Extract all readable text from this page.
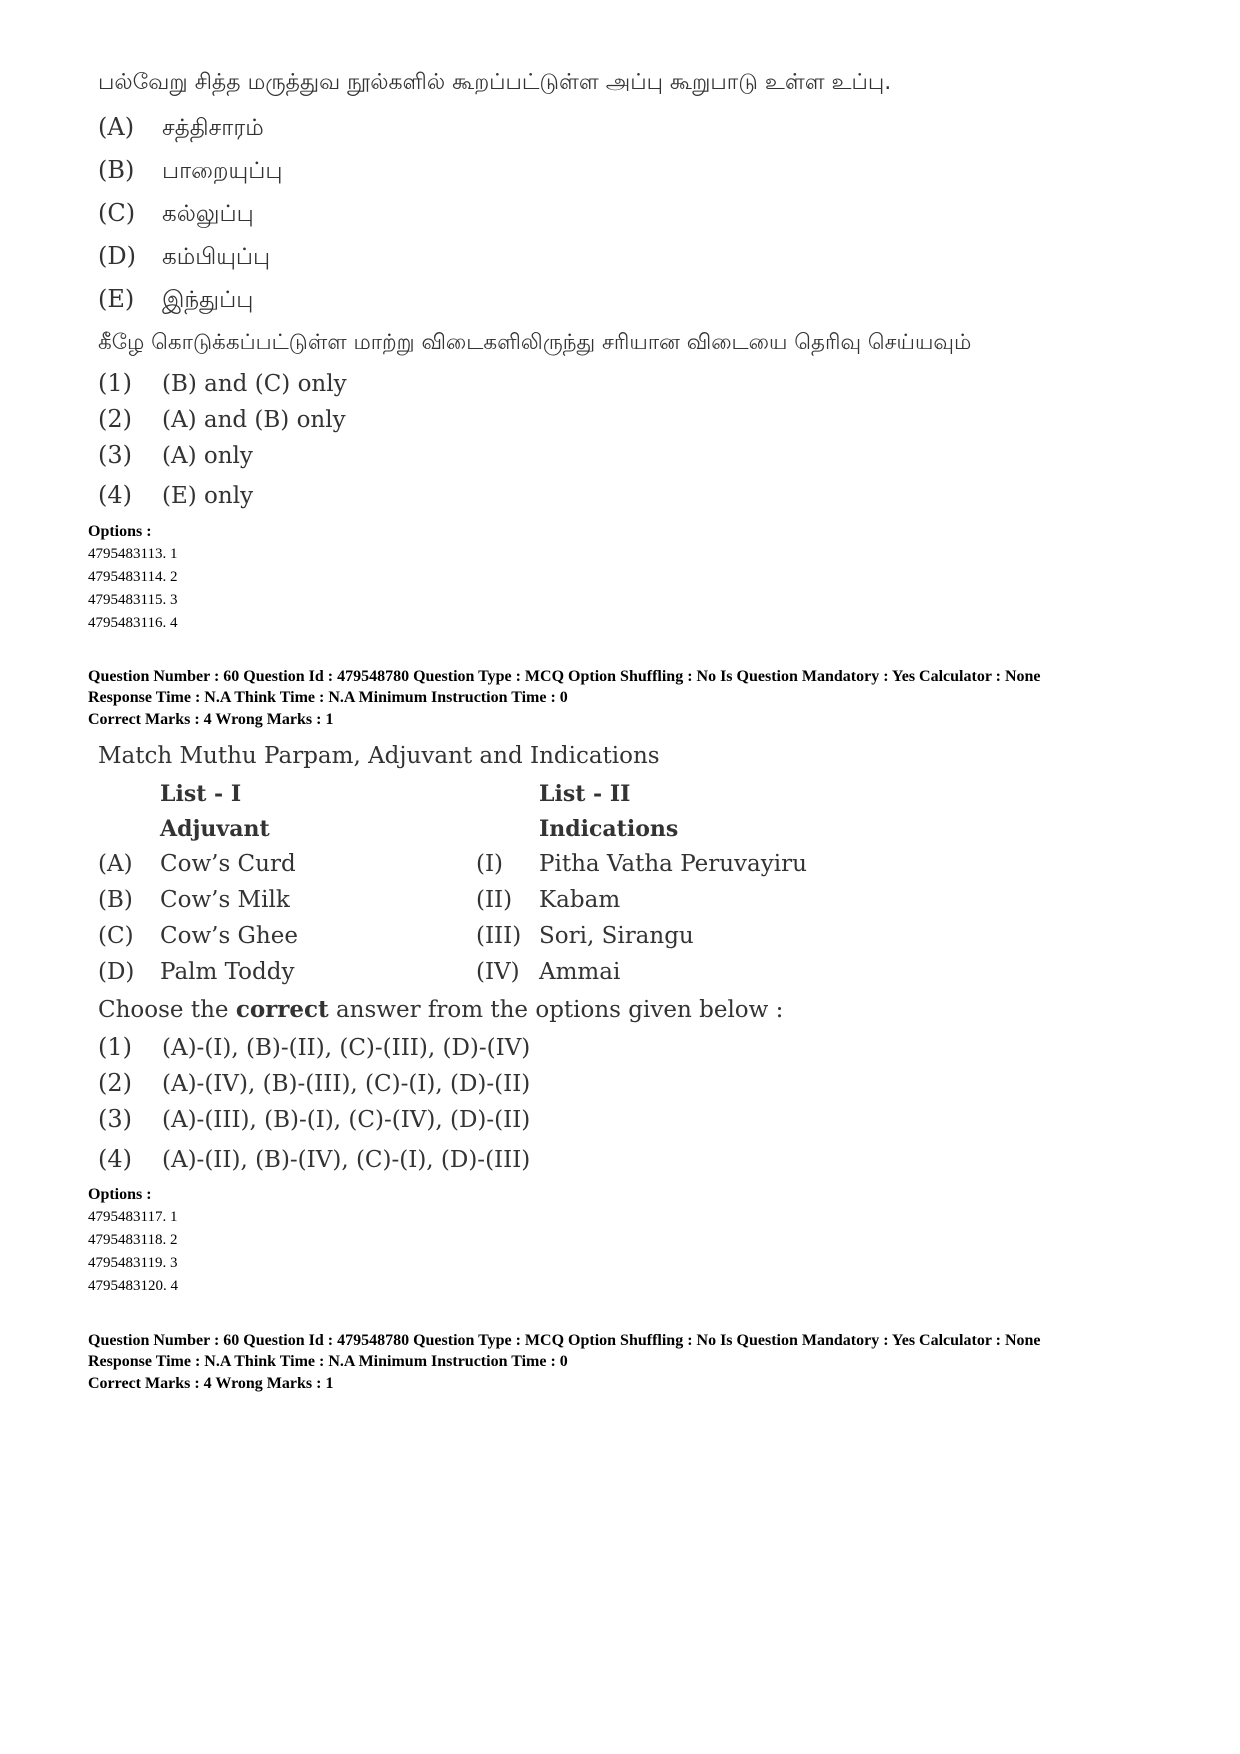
பல்வேறு சித்த மருத்துவ நூல்களில் கூறப்பட்டுள்ள அப்பு கூறுபாடு உள்ள உப்பு.
(A)	சத்திசாரம்
(B)	பாறையுப்பு
(C)	கல்லுப்பு
(D)	கம்பியுப்பு
(E)	இந்துப்பு
கீழே கொடுக்கப்பட்டுள்ள மாற்று விடைகளிலிருந்து சரியான விடையை தெரிவு செய்யவும்
(1)	(B) and (C) only
(2)	(A) and (B) only
(3)	(A) only
(4)	(E) only
Options :
4795483113. 1
4795483114. 2
4795483115. 3
4795483116. 4
Question Number : 60 Question Id : 479548780 Question Type : MCQ Option Shuffling : No Is Question Mandatory : Yes Calculator : None
Response Time : N.A Think Time : N.A Minimum Instruction Time : 0
Correct Marks : 4 Wrong Marks : 1
Match Muthu Parpam, Adjuvant and Indications
List - I	List - II
Adjuvant	Indications
(A) Cow’s Curd	(I) Pitha Vatha Peruvayiru
(B) Cow’s Milk	(II) Kabam
(C) Cow’s Ghee	(III) Sori, Sirangu
(D) Palm Toddy	(IV) Ammai
Choose the correct answer from the options given below :
(1)	(A)-(I), (B)-(II), (C)-(III), (D)-(IV)
(2)	(A)-(IV), (B)-(III), (C)-(I), (D)-(II)
(3)	(A)-(III), (B)-(I), (C)-(IV), (D)-(II)
(4)	(A)-(II), (B)-(IV), (C)-(I), (D)-(III)
Options :
4795483117. 1
4795483118. 2
4795483119. 3
4795483120. 4
Question Number : 60 Question Id : 479548780 Question Type : MCQ Option Shuffling : No Is Question Mandatory : Yes Calculator : None
Response Time : N.A Think Time : N.A Minimum Instruction Time : 0
Correct Marks : 4 Wrong Marks : 1
